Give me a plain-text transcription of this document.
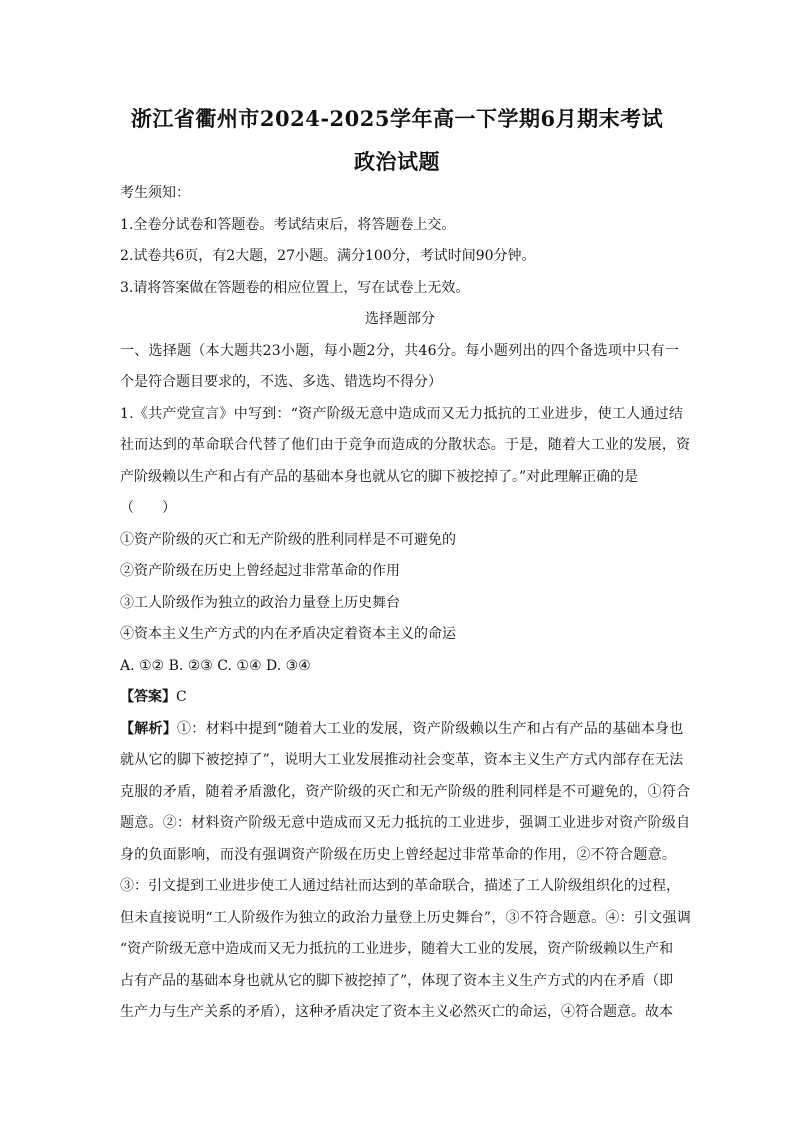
浙江省衢州市2024-2025学年高一下学期6月期末考试
政治试题
考生须知：
1.全卷分试卷和答题卷。考试结束后，将答题卷上交。
2.试卷共6页，有2大题，27小题。满分100分，考试时间90分钟。
3.请将答案做在答题卷的相应位置上，写在试卷上无效。
选择题部分
一、选择题（本大题共23小题，每小题2分，共46分。每小题列出的四个备选项中只有一
个是符合题目要求的，不选、多选、错选均不得分）
1.《共产党宣言》中写到：“资产阶级无意中造成而又无力抵抗的工业进步，使工人通过结
社而达到的革命联合代替了他们由于竞争而造成的分散状态。于是，随着大工业的发展，资
产阶级赖以生产和占有产品的基础本身也就从它的脚下被挖掉了。”对此理解正确的是
（　　）
①资产阶级的灭亡和无产阶级的胜利同样是不可避免的
②资产阶级在历史上曾经起过非常革命的作用
③工人阶级作为独立的政治力量登上历史舞台
④资本主义生产方式的内在矛盾决定着资本主义的命运
A. ①② B. ②③ C. ①④ D. ③④
【答案】C
【解析】①：材料中提到“随着大工业的发展，资产阶级赖以生产和占有产品的基础本身也
就从它的脚下被挖掉了”，说明大工业发展推动社会变革，资本主义生产方式内部存在无法
克服的矛盾，随着矛盾激化，资产阶级的灭亡和无产阶级的胜利同样是不可避免的，①符合
题意。②：材料资产阶级无意中造成而又无力抵抗的工业进步，强调工业进步对资产阶级自
身的负面影响，而没有强调资产阶级在历史上曾经起过非常革命的作用，②不符合题意。
③：引文提到工业进步使工人通过结社而达到的革命联合，描述了工人阶级组织化的过程，
但未直接说明“工人阶级作为独立的政治力量登上历史舞台”，③不符合题意。④：引文强调
“资产阶级无意中造成而又无力抵抗的工业进步，随着大工业的发展，资产阶级赖以生产和
占有产品的基础本身也就从它的脚下被挖掉了”，体现了资本主义生产方式的内在矛盾（即
生产力与生产关系的矛盾），这种矛盾决定了资本主义必然灭亡的命运，④符合题意。故本
